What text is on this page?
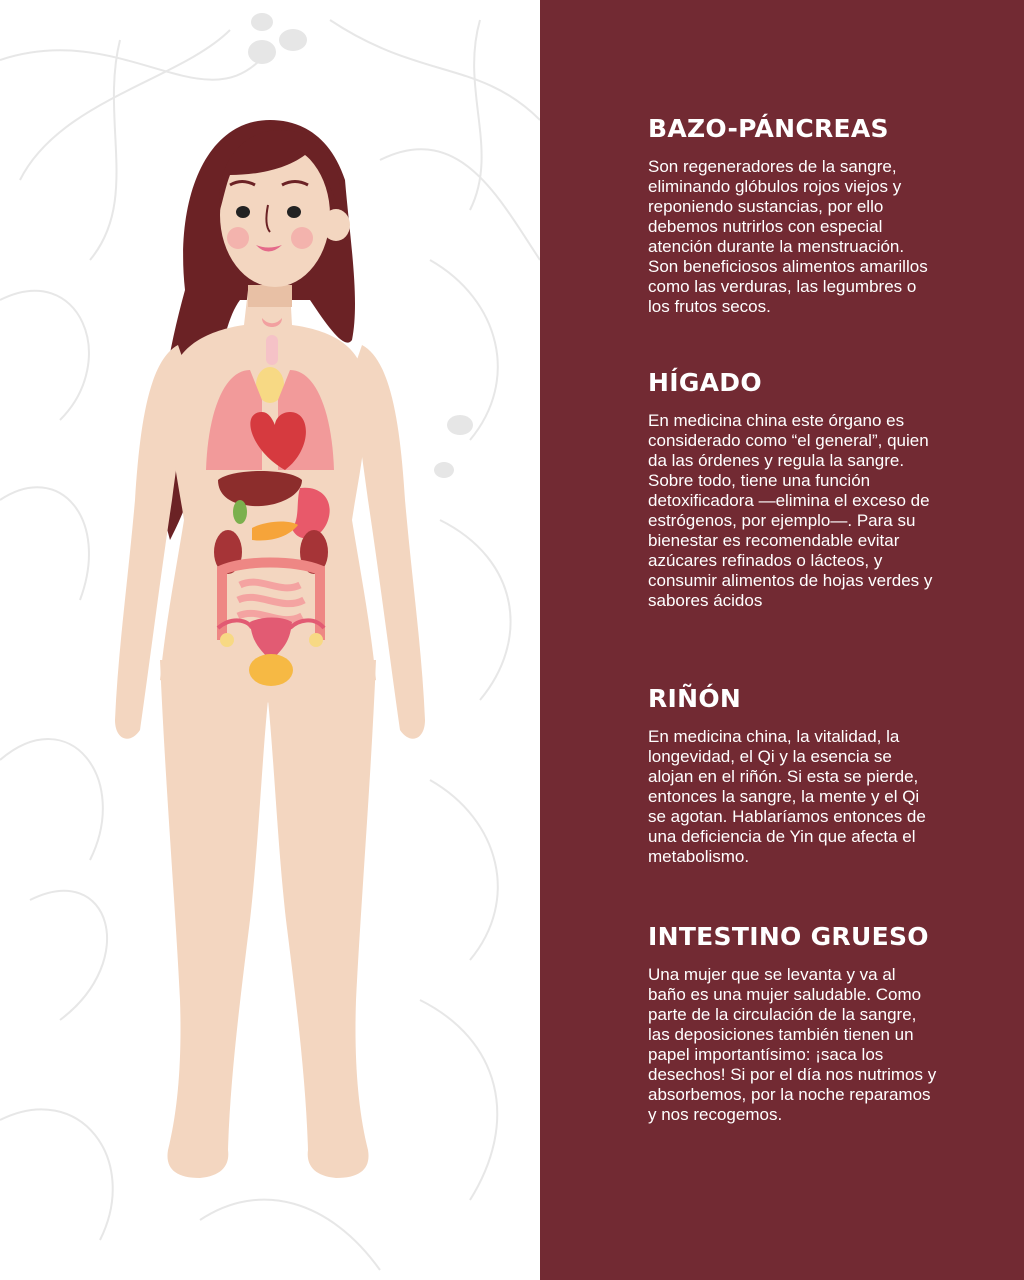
BAZO-PÁNCREAS

Son regeneradores de la sangre, eliminando glóbulos rojos viejos y reponiendo sustancias, por ello debemos nutrirlos con especial atención durante la menstruación. Son beneficiosos alimentos amarillos como las verduras, las legumbres o los frutos secos.

HÍGADO

En medicina china este órgano es considerado como “el general”, quien da las órdenes y regula la sangre. Sobre todo, tiene una función detoxificadora —elimina el exceso de estrógenos, por ejemplo—. Para su bienestar es recomendable evitar azúcares refinados o lácteos, y consumir alimentos de hojas verdes y sabores ácidos

RIÑÓN

En medicina china, la vitalidad, la longevidad, el Qi y la esencia se alojan en el riñón. Si esta se pierde, entonces la sangre, la mente y el Qi se agotan. Hablaríamos entonces de una deficiencia de Yin que afecta el metabolismo.

INTESTINO GRUESO

Una mujer que se levanta y va al baño es una mujer saludable. Como parte de la circulación de la sangre, las deposiciones también tienen un papel importantísimo: ¡saca los desechos! Si por el día nos nutrimos y absorbemos, por la noche reparamos y nos recogemos.
